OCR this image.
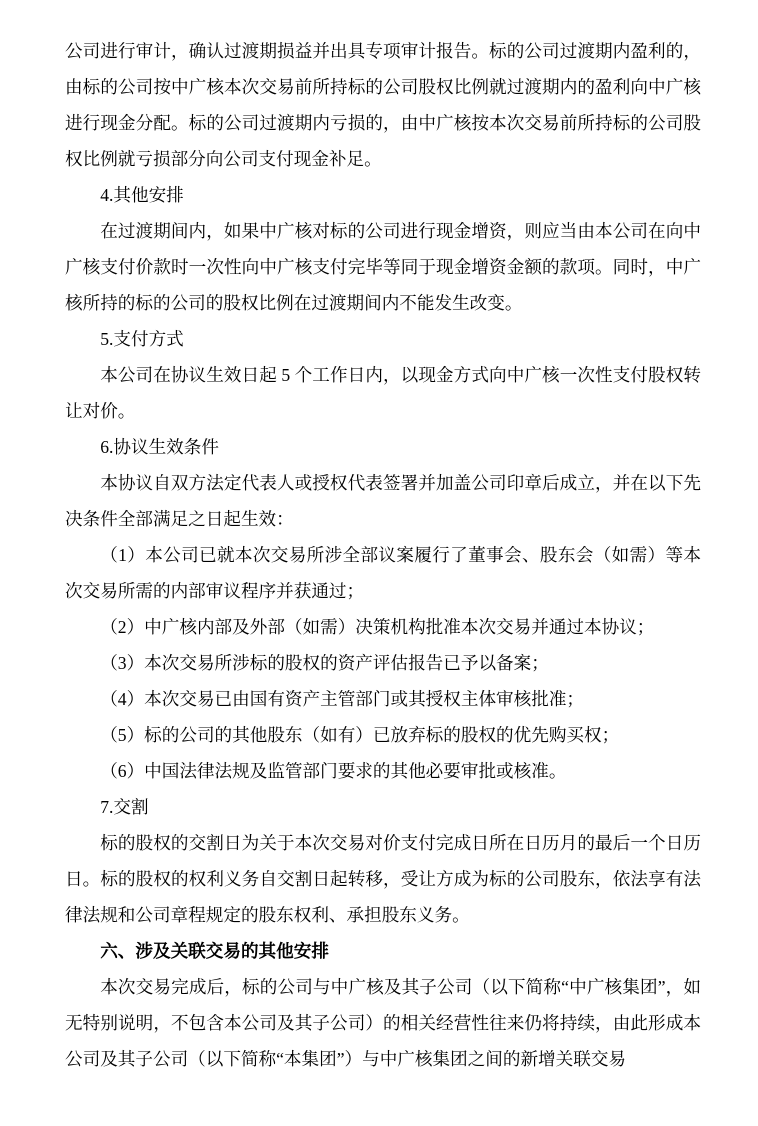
公司进行审计，确认过渡期损益并出具专项审计报告。标的公司过渡期内盈利的，由标的公司按中广核本次交易前所持标的公司股权比例就过渡期内的盈利向中广核进行现金分配。标的公司过渡期内亏损的，由中广核按本次交易前所持标的公司股权比例就亏损部分向公司支付现金补足。

4.其他安排

在过渡期间内，如果中广核对标的公司进行现金增资，则应当由本公司在向中广核支付价款时一次性向中广核支付完毕等同于现金增资金额的款项。同时，中广核所持的标的公司的股权比例在过渡期间内不能发生改变。

5.支付方式

本公司在协议生效日起 5 个工作日内，以现金方式向中广核一次性支付股权转让对价。

6.协议生效条件

本协议自双方法定代表人或授权代表签署并加盖公司印章后成立，并在以下先决条件全部满足之日起生效：

（1）本公司已就本次交易所涉全部议案履行了董事会、股东会（如需）等本次交易所需的内部审议程序并获通过；

（2）中广核内部及外部（如需）决策机构批准本次交易并通过本协议；

（3）本次交易所涉标的股权的资产评估报告已予以备案；

（4）本次交易已由国有资产主管部门或其授权主体审核批准；

（5）标的公司的其他股东（如有）已放弃标的股权的优先购买权；

（6）中国法律法规及监管部门要求的其他必要审批或核准。

7.交割

标的股权的交割日为关于本次交易对价支付完成日所在日历月的最后一个日历日。标的股权的权利义务自交割日起转移，受让方成为标的公司股东，依法享有法律法规和公司章程规定的股东权利、承担股东义务。

六、涉及关联交易的其他安排

本次交易完成后，标的公司与中广核及其子公司（以下简称“中广核集团”，如无特别说明，不包含本公司及其子公司）的相关经营性往来仍将持续，由此形成本公司及其子公司（以下简称“本集团”）与中广核集团之间的新增关联交易
